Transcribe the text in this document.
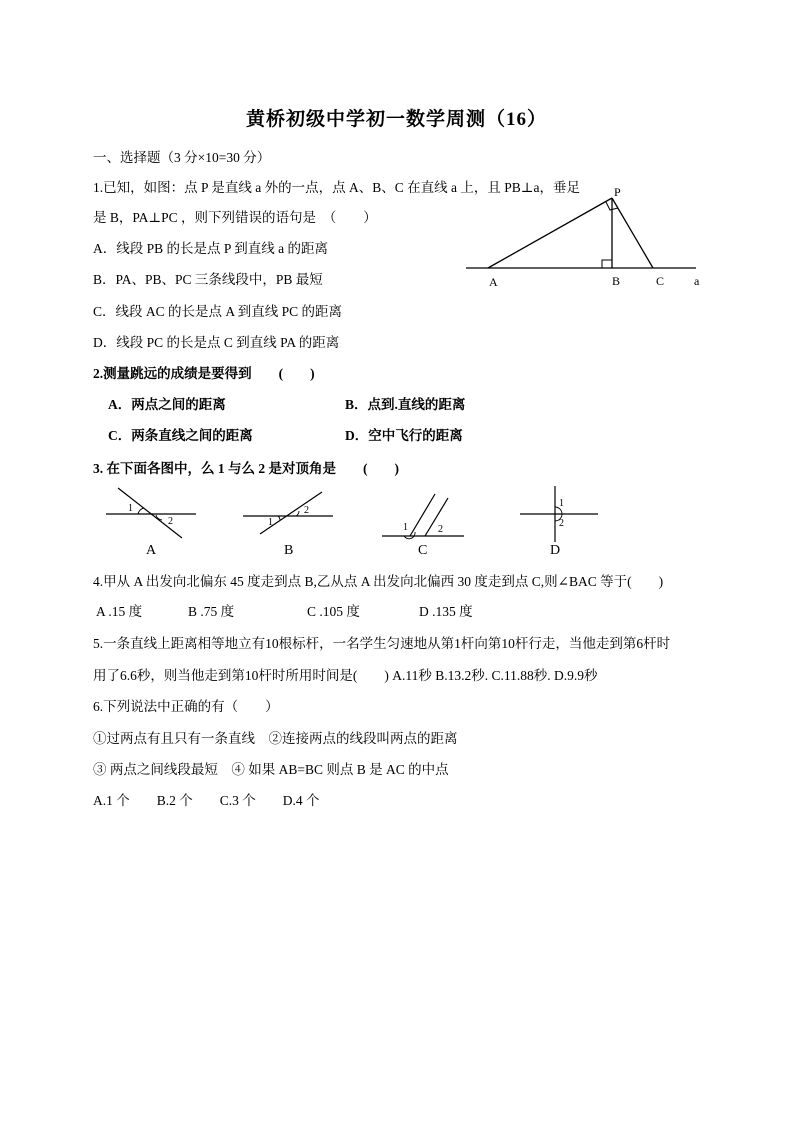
黄桥初级中学初一数学周测（16）
一、选择题（3 分×10=30 分）
1.已知，如图：点 P 是直线 a 外的一点，点 A、B、C 在直线 a 上，且 PB⊥a，垂足
是 B，PA⊥PC ，则下列错误的语句是　（　　）
A．线段 PB 的长是点 P 到直线 a 的距离
B．PA、PB、PC 三条线段中，PB 最短
C．线段 AC 的长是点 A 到直线 PC 的距离
D．线段 PC 的长是点 C 到直线 PA 的距离
P
A	B	C a
2.测量跳远的成绩是要得到　　(　　)
A．两点之间的距离	B．点到.直线的距离
C．两条直线之间的距离	D．空中飞行的距离
3. 在下面各图中，么 1 与么 2 是对顶角是　　(　　)
1
2
A
1
2
B
1	2
C
1
2
D
4.甲从 A 出发向北偏东 45 度走到点 B,乙从点 A 出发向北偏西 30 度走到点 C,则∠BAC 等于(　　)
A .15 度	B .75 度	C .105 度	D .135 度
5.一条直线上距离相等地立有10根标杆，一名学生匀速地从第1杆向第10杆行走，当他走到第6杆时
用了6.6秒，则当他走到第10杆时所用时间是(　　) A.11秒 B.13.2秒. C.11.88秒. D.9.9秒
6.下列说法中正确的有（　　）
①过两点有且只有一条直线　②连接两点的线段叫两点的距离
③ 两点之间线段最短　④ 如果 AB=BC 则点 B 是 AC 的中点
A.1 个　　B.2 个　　C.3 个　　D.4 个
